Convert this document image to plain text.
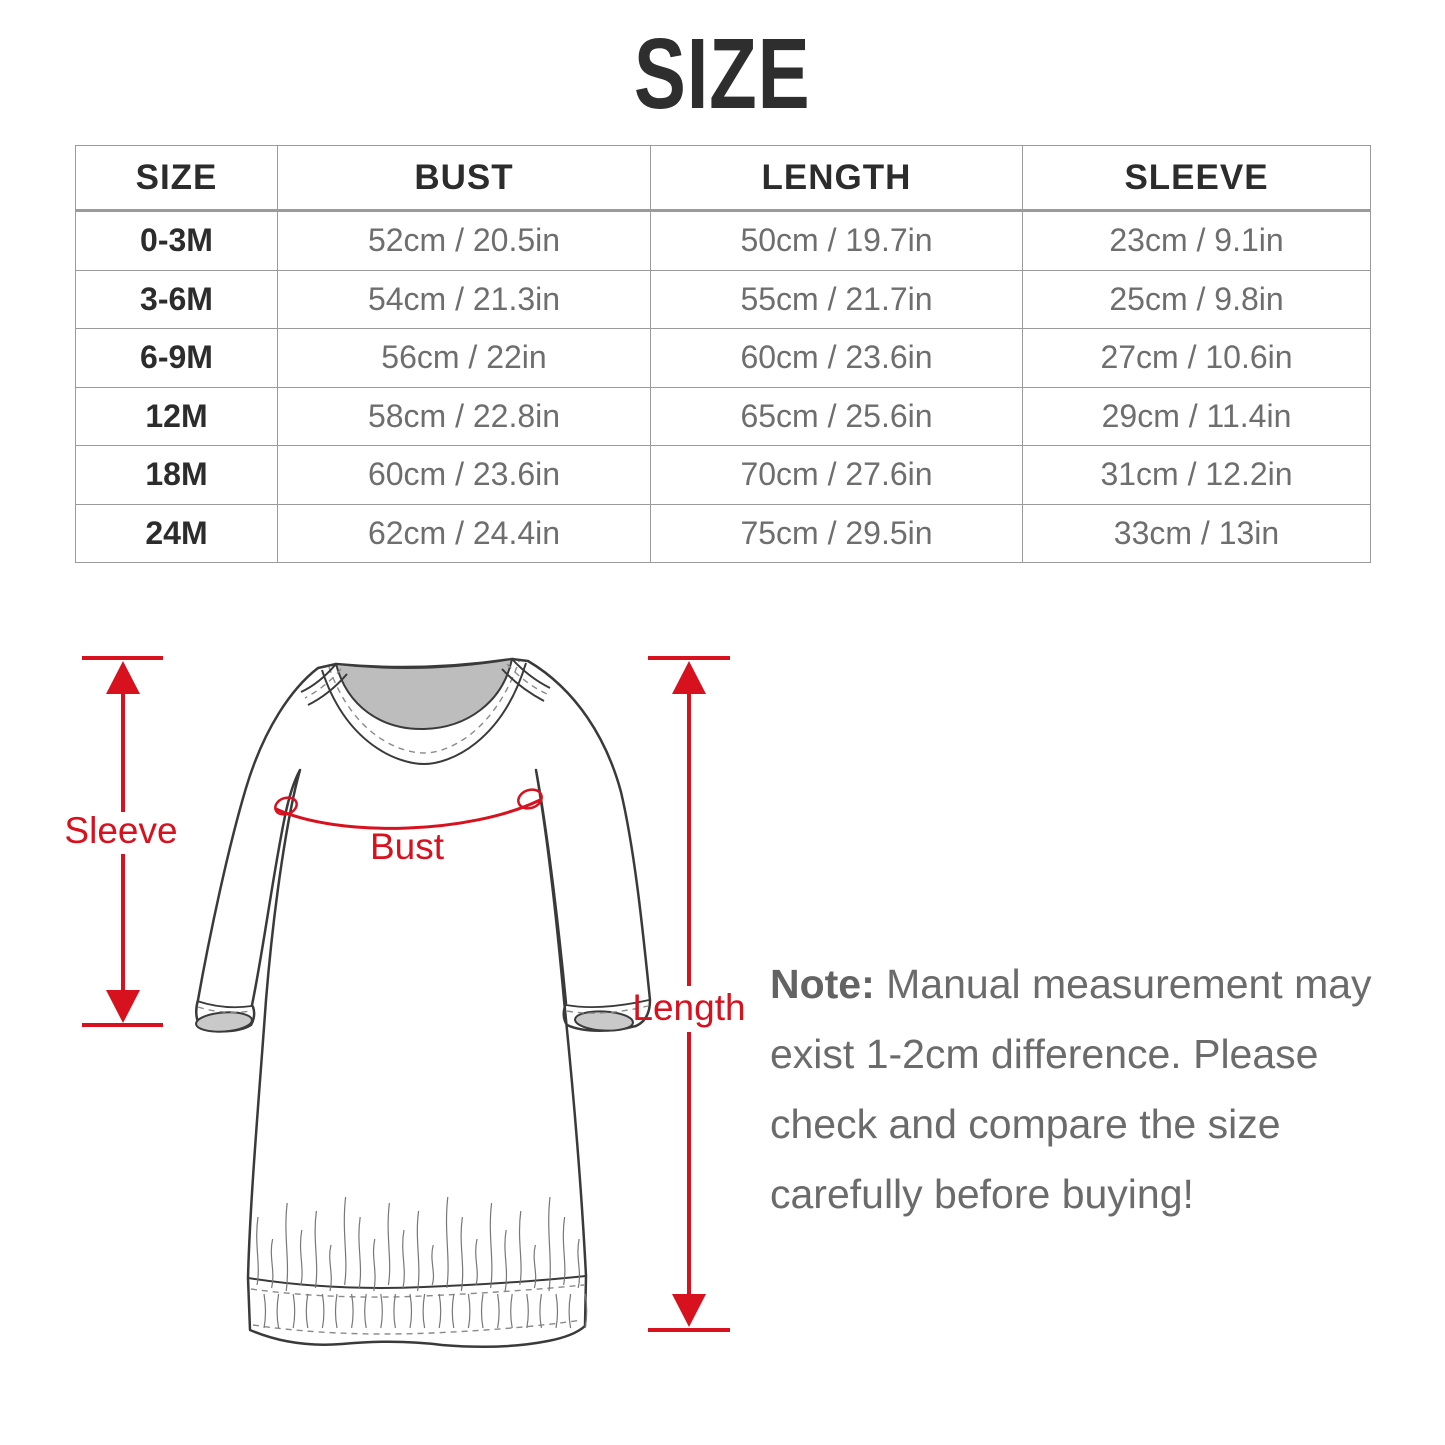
SIZE
SIZE	BUST	LENGTH	SLEEVE
0-3M	52cm / 20.5in	50cm / 19.7in	23cm / 9.1in
3-6M	54cm / 21.3in	55cm / 21.7in	25cm / 9.8in
6-9M	56cm / 22in	60cm / 23.6in	27cm / 10.6in
12M	58cm / 22.8in	65cm / 25.6in	29cm / 11.4in
18M	60cm / 23.6in	70cm / 27.6in	31cm / 12.2in
24M	62cm / 24.4in	75cm / 29.5in	33cm / 13in
Sleeve	Bust
Length

Note: Manual measurement may exist 1-2cm difference. Please check and compare the size carefully before buying!
